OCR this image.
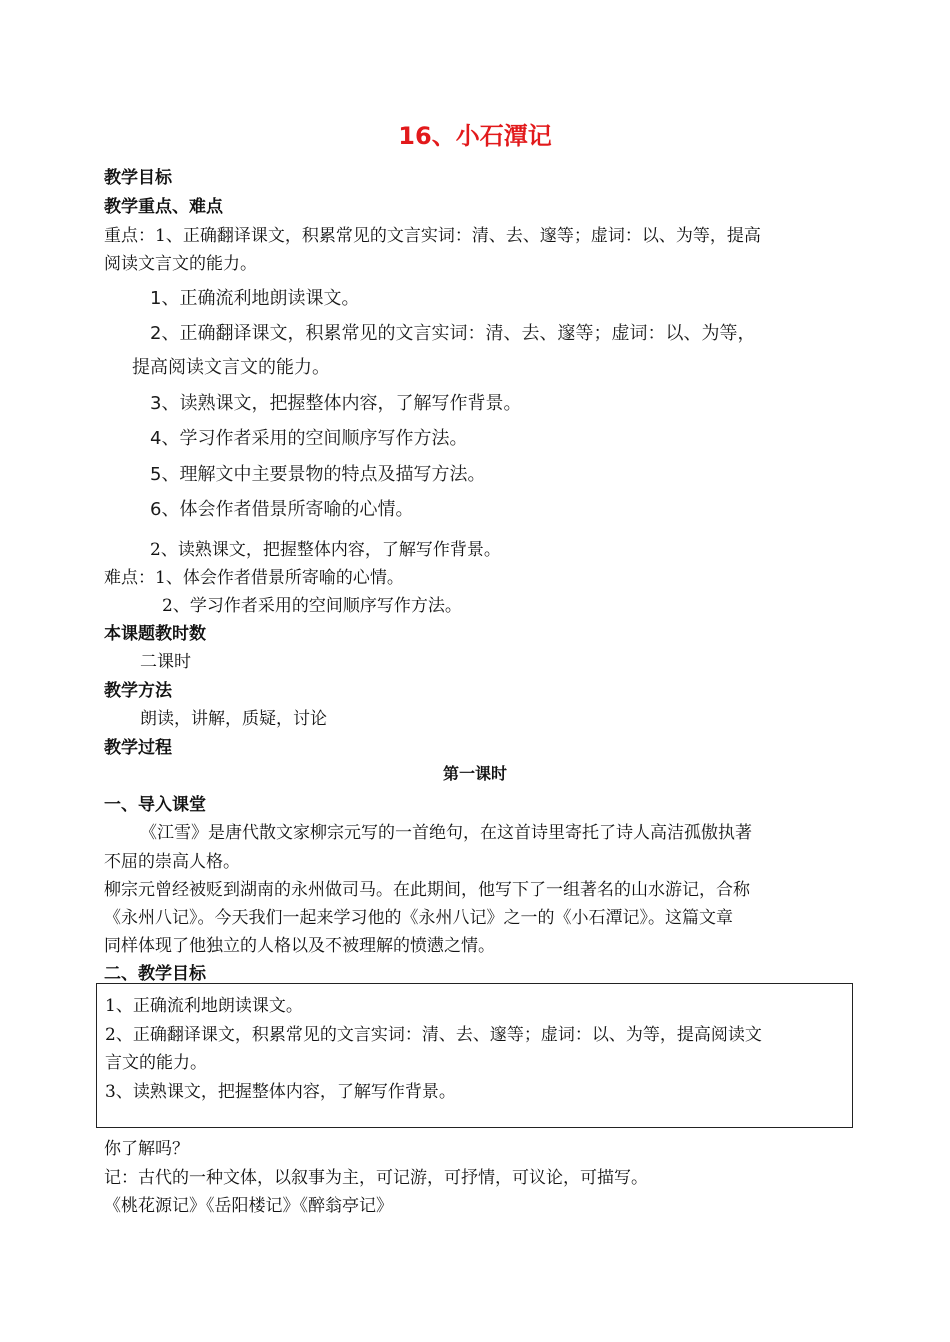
16、小石潭记
教学目标
教学重点、难点
重点：1、正确翻译课文，积累常见的文言实词：清、去、邃等；虚词：以、为等，提高
阅读文言文的能力。
1、正确流利地朗读课文。
2、正确翻译课文，积累常见的文言实词：清、去、邃等；虚词：以、为等，
提高阅读文言文的能力。
3、读熟课文，把握整体内容，了解写作背景。
4、学习作者采用的空间顺序写作方法。
5、理解文中主要景物的特点及描写方法。
6、体会作者借景所寄喻的心情。
2、读熟课文，把握整体内容，了解写作背景。
难点：1、体会作者借景所寄喻的心情。
2、学习作者采用的空间顺序写作方法。
本课题教时数
二课时
教学方法
朗读，讲解，质疑，讨论
教学过程
第一课时
一、导入课堂
《江雪》是唐代散文家柳宗元写的一首绝句，在这首诗里寄托了诗人高洁孤傲执著
不屈的崇高人格。
柳宗元曾经被贬到湖南的永州做司马。在此期间，他写下了一组著名的山水游记，合称
《永州八记》。今天我们一起来学习他的《永州八记》之一的《小石潭记》。这篇文章
同样体现了他独立的人格以及不被理解的愤懑之情。
二、教学目标
1、正确流利地朗读课文。
2、正确翻译课文，积累常见的文言实词：清、去、邃等；虚词：以、为等，提高阅读文
言文的能力。
3、读熟课文，把握整体内容，了解写作背景。
你了解吗？
记：古代的一种文体，以叙事为主，可记游，可抒情，可议论，可描写。
《桃花源记》《岳阳楼记》《醉翁亭记》
